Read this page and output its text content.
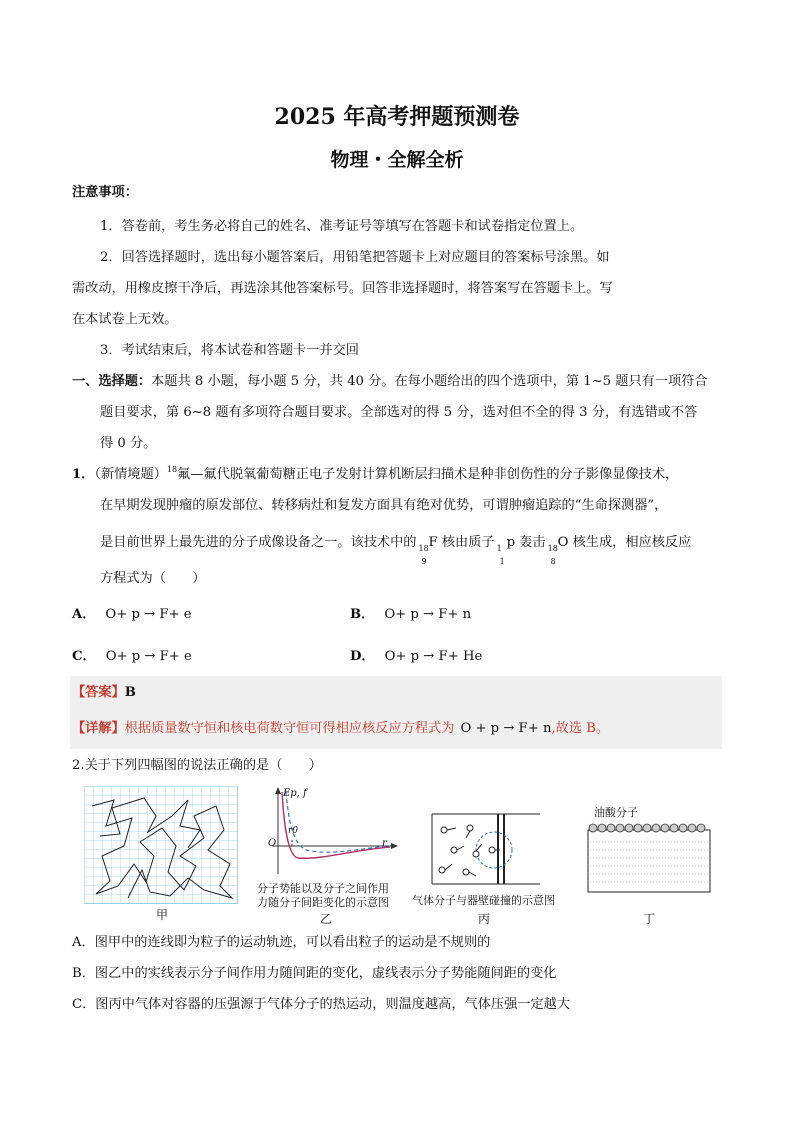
2025 年高考押题预测卷
物理・全解全析
注意事项：
1．答卷前，考生务必将自己的姓名、准考证号等填写在答题卡和试卷指定位置上。
2．回答选择题时，选出每小题答案后，用铅笔把答题卡上对应题目的答案标号涂黑。如
需改动，用橡皮擦干净后，再选涂其他答案标号。回答非选择题时，将答案写在答题卡上。写
在本试卷上无效。
3．考试结束后，将本试卷和答题卡一并交回
一、选择题：本题共 8 小题，每小题 5 分，共 40 分。在每小题给出的四个选项中，第 1~5 题只有一项符合
题目要求，第 6~8 题有多项符合题目要求。全部选对的得 5 分，选对但不全的得 3 分，有选错或不答
得 0 分。
1．（新情境题）$^{18}$氟—氟代脱氧葡萄糖正电子发射计算机断层扫描术是种非创伤性的分子影像显像技术，
在早期发现肿瘤的原发部位、转移病灶和复发方面具有绝对优势，可谓肿瘤追踪的“生命探测器”，
是目前世界上最先进的分子成像设备之一。该技术中的 18
9
F 核由质子 1
1
p 轰击 18
8
O 核生成，相应核反应
方程式为（　　）
A． O+ p → F+ e	B． O+ p → F+ n
C． O+ p → F+ e	D． O+ p → F+ He
【答案】B
【详解】根据质量数守恒和核电荷数守恒可得相应核反应方程式为 O + p → F+ n,故选 B。
2.关于下列四幅图的说法正确的是（　　）
甲
Ep, f
r
O
r0
分子势能以及分子之间作用
力随分子间距变化的示意图
乙
气体分子与器壁碰撞的示意图
丙
油酸分子
丁
A．图甲中的连线即为粒子的运动轨迹，可以看出粒子的运动是不规则的
B．图乙中的实线表示分子间作用力随间距的变化，虚线表示分子势能随间距的变化
C．图丙中气体对容器的压强源于气体分子的热运动，则温度越高，气体压强一定越大
